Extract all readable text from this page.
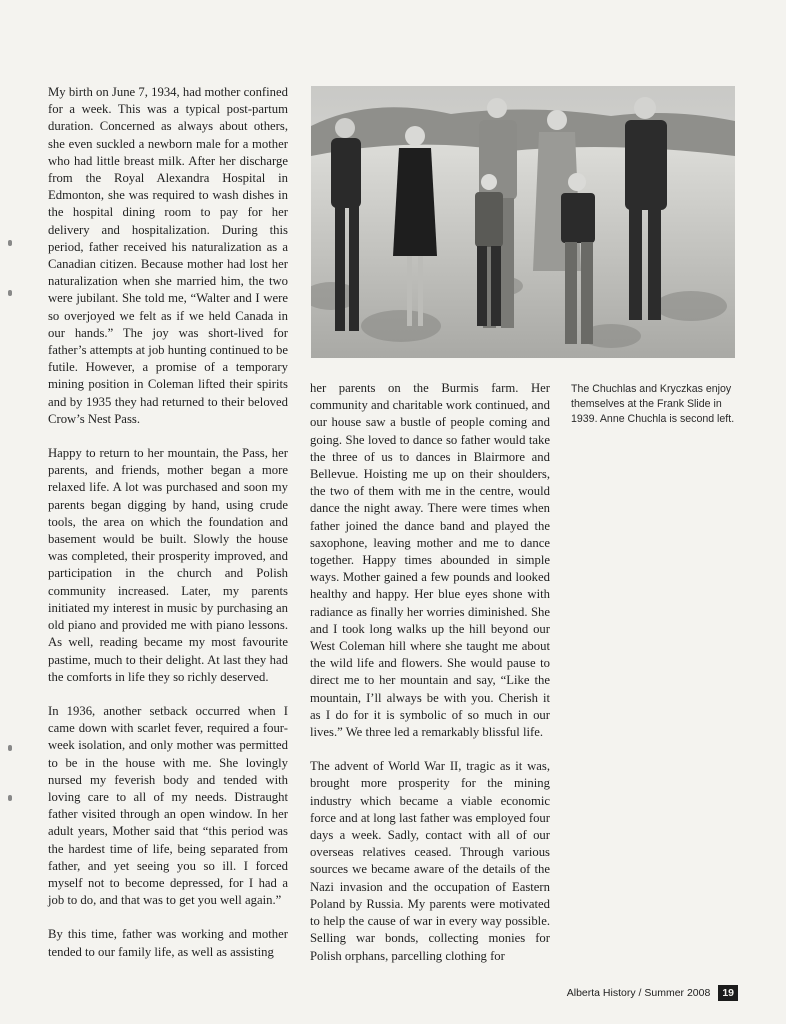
My birth on June 7, 1934, had mother confined for a week. This was a typical post-partum duration. Concerned as always about others, she even suckled a newborn male for a mother who had little breast milk. After her discharge from the Royal Alexandra Hospital in Edmonton, she was required to wash dishes in the hospital dining room to pay for her delivery and hospitalization. During this period, father received his naturalization as a Canadian citizen. Because mother had lost her naturalization when she married him, the two were jubilant. She told me, “Walter and I were so overjoyed we felt as if we held Canada in our hands.” The joy was short-lived for father’s attempts at job hunting continued to be futile. However, a promise of a temporary mining position in Coleman lifted their spirits and by 1935 they had returned to their beloved Crow’s Nest Pass.

Happy to return to her mountain, the Pass, her parents, and friends, mother began a more relaxed life. A lot was purchased and soon my parents began digging by hand, using crude tools, the area on which the foundation and basement would be built. Slowly the house was completed, their prosperity improved, and participation in the church and Polish community increased. Later, my parents initiated my interest in music by purchasing an old piano and provided me with piano lessons. As well, reading became my most favourite pastime, much to their delight. At last they had the comforts in life they so richly deserved.

In 1936, another setback occurred when I came down with scarlet fever, required a four-week isolation, and only mother was permitted to be in the house with me. She lovingly nursed my feverish body and tended with loving care to all of my needs. Distraught father visited through an open window. In her adult years, Mother said that “this period was the hardest time of life, being separated from father, and yet seeing you so ill. I forced myself not to become depressed, for I had a job to do, and that was to get you well again.”

By this time, father was working and mother tended to our family life, as well as assisting

her parents on the Burmis farm. Her community and charitable work continued, and our house saw a bustle of people coming and going. She loved to dance so father would take the three of us to dances in Blairmore and Bellevue. Hoisting me up on their shoulders, the two of them with me in the centre, would dance the night away. There were times when father joined the dance band and played the saxophone, leaving mother and me to dance together. Happy times abounded in simple ways. Mother gained a few pounds and looked healthy and happy. Her blue eyes shone with radiance as finally her worries diminished. She and I took long walks up the hill beyond our West Coleman hill where she taught me about the wild life and flowers. She would pause to direct me to her mountain and say, “Like the mountain, I’ll always be with you. Cherish it as I do for it is symbolic of so much in our lives.” We three led a remarkably blissful life.

The advent of World War II, tragic as it was, brought more prosperity for the mining industry which became a viable economic force and at long last father was employed four days a week. Sadly, contact with all of our overseas relatives ceased. Through various sources we became aware of the details of the Nazi invasion and the occupation of Eastern Poland by Russia. My parents were motivated to help the cause of war in every way possible. Selling war bonds, collecting monies for Polish orphans, parcelling clothing for

The Chuchlas and Kryczkas enjoy themselves at the Frank Slide in 1939. Anne Chuchla is second left.
Alberta History / Summer 2008	19
